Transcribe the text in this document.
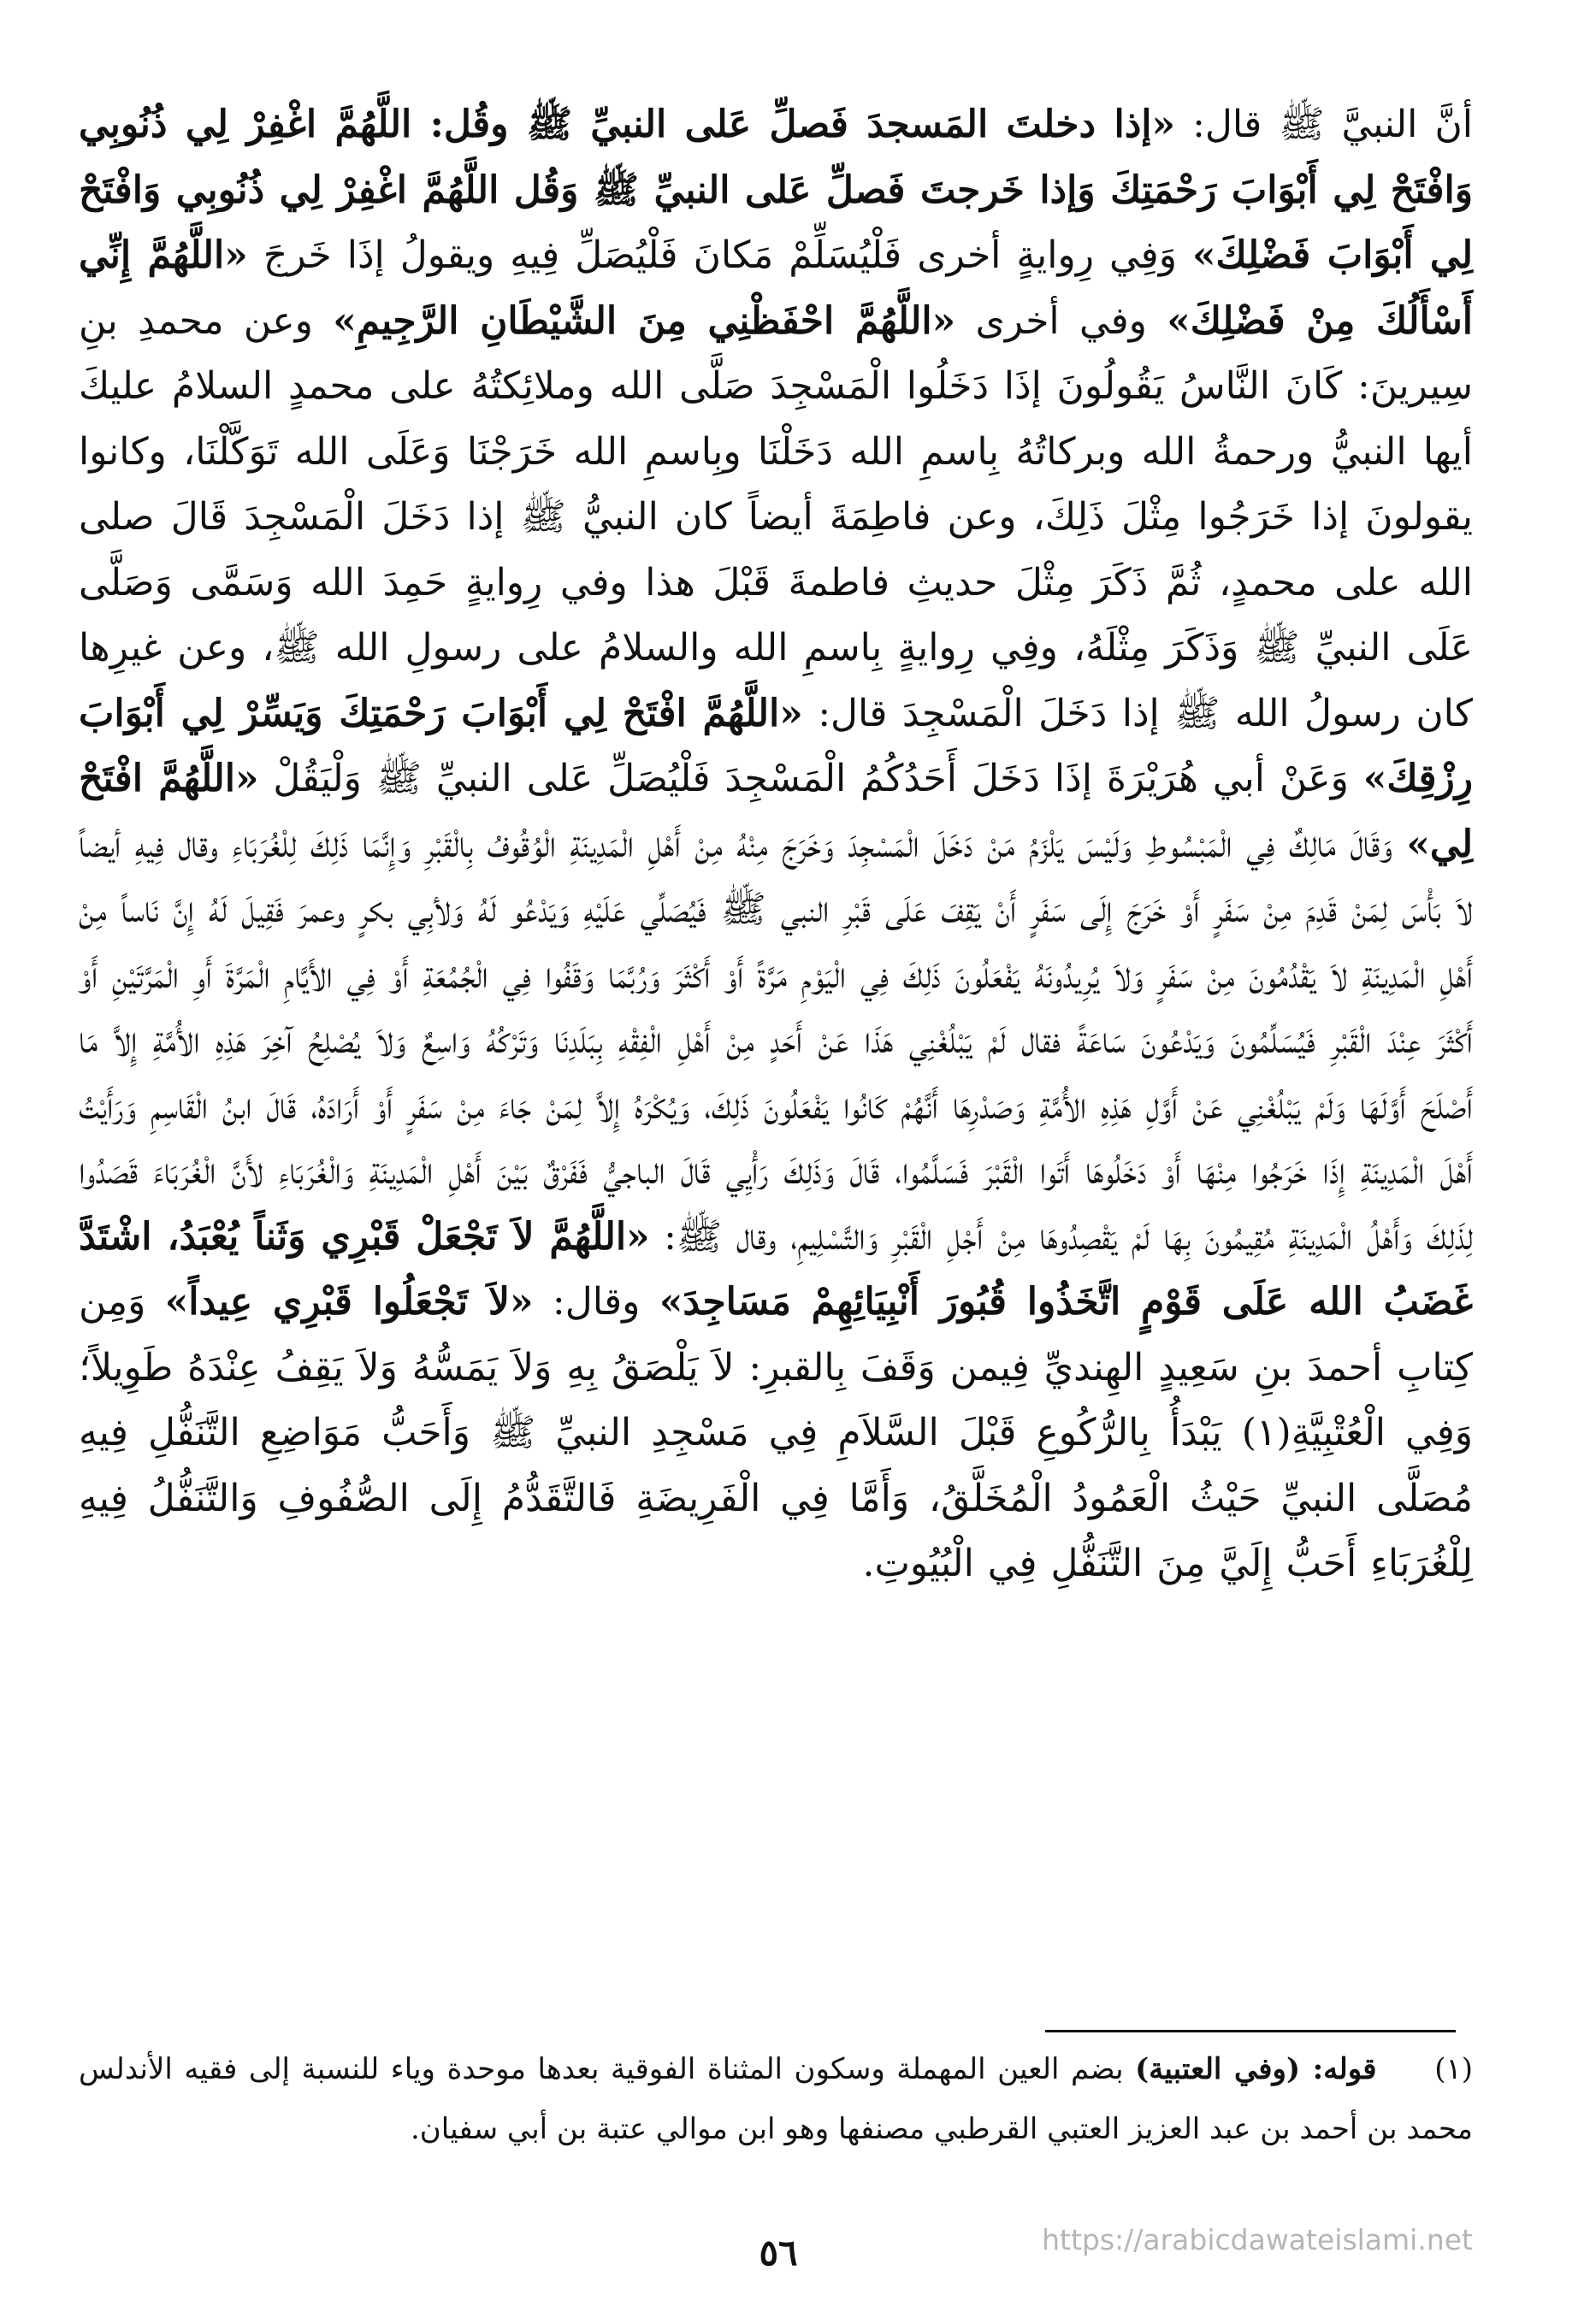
أنَّ النبيَّ ﷺ قال: «إذا دخلتَ المَسجدَ فَصلِّ عَلى النبيِّ ﷺ وقُل: اللَّهُمَّ اغْفِرْ لِي ذُنُوبِي وَافْتَحْ لِي أَبْوَابَ رَحْمَتِكَ وَإذا خَرجتَ فَصلِّ عَلى النبيِّ ﷺ وَقُل اللَّهُمَّ اغْفِرْ لِي ذُنُوبِي وَافْتَحْ لِي أَبْوَابَ فَضْلِكَ» وَفِي رِوايةٍ أخرى فَلْيُسَلِّمْ مَكانَ فَلْيُصَلِّ فِيهِ ويقولُ إذَا خَرجَ «اللَّهُمَّ إِنِّي أَسْأَلُكَ مِنْ فَضْلِكَ» وفي أخرى «اللَّهُمَّ احْفَظْنِي مِنَ الشَّيْطَانِ الرَّجِيمِ» وعن محمدِ بنِ سِيرينَ: كَانَ النَّاسُ يَقُولُونَ إذَا دَخَلُوا الْمَسْجِدَ صَلَّى الله وملائِكتُهُ على محمدٍ السلامُ عليكَ أيها النبيُّ ورحمةُ الله وبركاتُهُ بِاسمِ الله دَخَلْنَا وبِاسمِ الله خَرَجْنَا وَعَلَى الله تَوَكَّلْنَا، وكانوا يقولونَ إذا خَرَجُوا مِثْلَ ذَلِكَ، وعن فاطِمَةَ أيضاً كان النبيُّ ﷺ إذا دَخَلَ الْمَسْجِدَ قَالَ صلى الله على محمدٍ، ثُمَّ ذَكَرَ مِثْلَ حديثِ فاطمةَ قَبْلَ هذا وفي رِوايةٍ حَمِدَ الله وَسَمَّى وَصَلَّى عَلَى النبيِّ ﷺ وَذَكَرَ مِثْلَهُ، وفِي رِوايةٍ بِاسمِ الله والسلامُ على رسولِ الله ﷺ، وعن غيرِها كان رسولُ الله ﷺ إذا دَخَلَ الْمَسْجِدَ قال: «اللَّهُمَّ افْتَحْ لِي أَبْوَابَ رَحْمَتِكَ وَيَسِّرْ لِي أَبْوَابَ رِزْقِكَ» وَعَنْ أبي هُرَيْرَةَ إذَا دَخَلَ أَحَدُكُمُ الْمَسْجِدَ فَلْيُصَلِّ عَلى النبيِّ ﷺ وَلْيَقُلْ «اللَّهُمَّ افْتَحْ لِي» وَقَالَ مَالِكٌ فِي الْمَبْسُوطِ وَلَيْسَ يَلْزَمُ مَنْ دَخَلَ الْمَسْجِدَ وَخَرَجَ مِنْهُ مِنْ أَهْلِ الْمَدِينَةِ الْوُقُوفُ بِالْقَبْرِ وَإِنَّمَا ذَلِكَ لِلْغُرَبَاءِ وقال فِيهِ أيضاً لاَ بَأْسَ لِمَنْ قَدِمَ مِنْ سَفَرٍ أَوْ خَرَجَ إِلَى سَفَرٍ أَنْ يَقِفَ عَلَى قَبْرِ النبي ﷺ فَيُصَلِّي عَلَيْهِ وَيَدْعُو لَهُ وَلأبِي بكرٍ وعمرَ فَقِيلَ لَهُ إِنَّ نَاساً مِنْ أَهْلِ الْمَدِينَةِ لاَ يَقْدُمُونَ مِنْ سَفَرٍ وَلاَ يُرِيدُونَهُ يَفْعَلُونَ ذَلِكَ فِي الْيَوْمِ مَرَّةً أَوْ أَكْثَرَ وَرُبَّمَا وَقَفُوا فِي الْجُمُعَةِ أَوْ فِي الأَيَّامِ الْمَرَّةَ أَوِ الْمَرَّتَيْنِ أَوْ أَكْثَرَ عِنْدَ الْقَبْرِ فَيُسَلِّمُونَ وَيَدْعُونَ سَاعَةً فقال لَمْ يَبْلُغْنِي هَذَا عَنْ أَحَدٍ مِنْ أَهْلِ الْفِقْهِ بِبَلَدِنَا وَتَرْكُهُ وَاسِعٌ وَلاَ يُصْلِحُ آخِرَ هَذِهِ الأُمَّةِ إِلاَّ مَا أَصْلَحَ أَوَّلَهَا وَلَمْ يَبْلُغْنِي عَنْ أَوَّلِ هَذِهِ الأُمَّةِ وَصَدْرِهَا أَنَّهُمْ كَانُوا يَفْعَلُونَ ذَلِكَ، وَيُكْرَهُ إِلاَّ لِمَنْ جَاءَ مِنْ سَفَرٍ أَوْ أَرَادَهُ، قَالَ ابنُ الْقَاسِمِ وَرَأَيْتُ أَهْلَ الْمَدِينَةِ إِذَا خَرَجُوا مِنْهَا أَوْ دَخَلُوهَا أَتَوا الْقَبْرَ فَسَلَّمُوا، قَالَ وَذَلِكَ رَأْيِي قَالَ الباجيُّ فَفَرْقٌ بَيْنَ أَهْلِ الْمَدِينَةِ وَالْغُرَبَاءِ لأَنَّ الْغُرَبَاءَ قَصَدُوا لِذَلِكَ وَأَهْلُ الْمَدِينَةِ مُقِيمُونَ بِهَا لَمْ يَقْصِدُوهَا مِنْ أَجْلِ الْقَبْرِ وَالتَّسْلِيمِ، وقال ﷺ: «اللَّهُمَّ لاَ تَجْعَلْ قَبْرِي وَثَناً يُعْبَدُ، اشْتَدَّ غَضَبُ الله عَلَى قَوْمٍ اتَّخَذُوا قُبُورَ أَنْبِيَائِهِمْ مَسَاجِدَ» وقال: «لاَ تَجْعَلُوا قَبْرِي عِيداً» وَمِن كِتابِ أحمدَ بنِ سَعِيدٍ الهِنديِّ فِيمن وَقَفَ بِالقبرِ: لاَ يَلْصَقُ بِهِ وَلاَ يَمَسُّهُ وَلاَ يَقِفُ عِنْدَهُ طَوِيلاً؛ وَفِي الْعُتْبِيَّةِ(١) يَبْدَأُ بِالرُّكُوعِ قَبْلَ السَّلاَمِ فِي مَسْجِدِ النبيِّ ﷺ وَأَحَبُّ مَوَاضِعِ التَّنَفُّلِ فِيهِ مُصَلَّى النبيِّ حَيْثُ الْعَمُودُ الْمُخَلَّقُ، وَأَمَّا فِي الْفَرِيضَةِ فَالتَّقَدُّمُ إِلَى الصُّفُوفِ وَالتَّنَفُّلُ فِيهِ لِلْغُرَبَاءِ أَحَبُّ إِلَيَّ مِنَ التَّنَفُّلِ فِي الْبُيُوتِ.
(١)     قوله: (وفي العتبية) بضم العين المهملة وسكون المثناة الفوقية بعدها موحدة وياء للنسبة إلى فقيه الأندلس محمد بن أحمد بن عبد العزيز العتبي القرطبي مصنفها وهو ابن موالي عتبة بن أبي سفيان.
٥٦	https://arabicdawateislami.net
